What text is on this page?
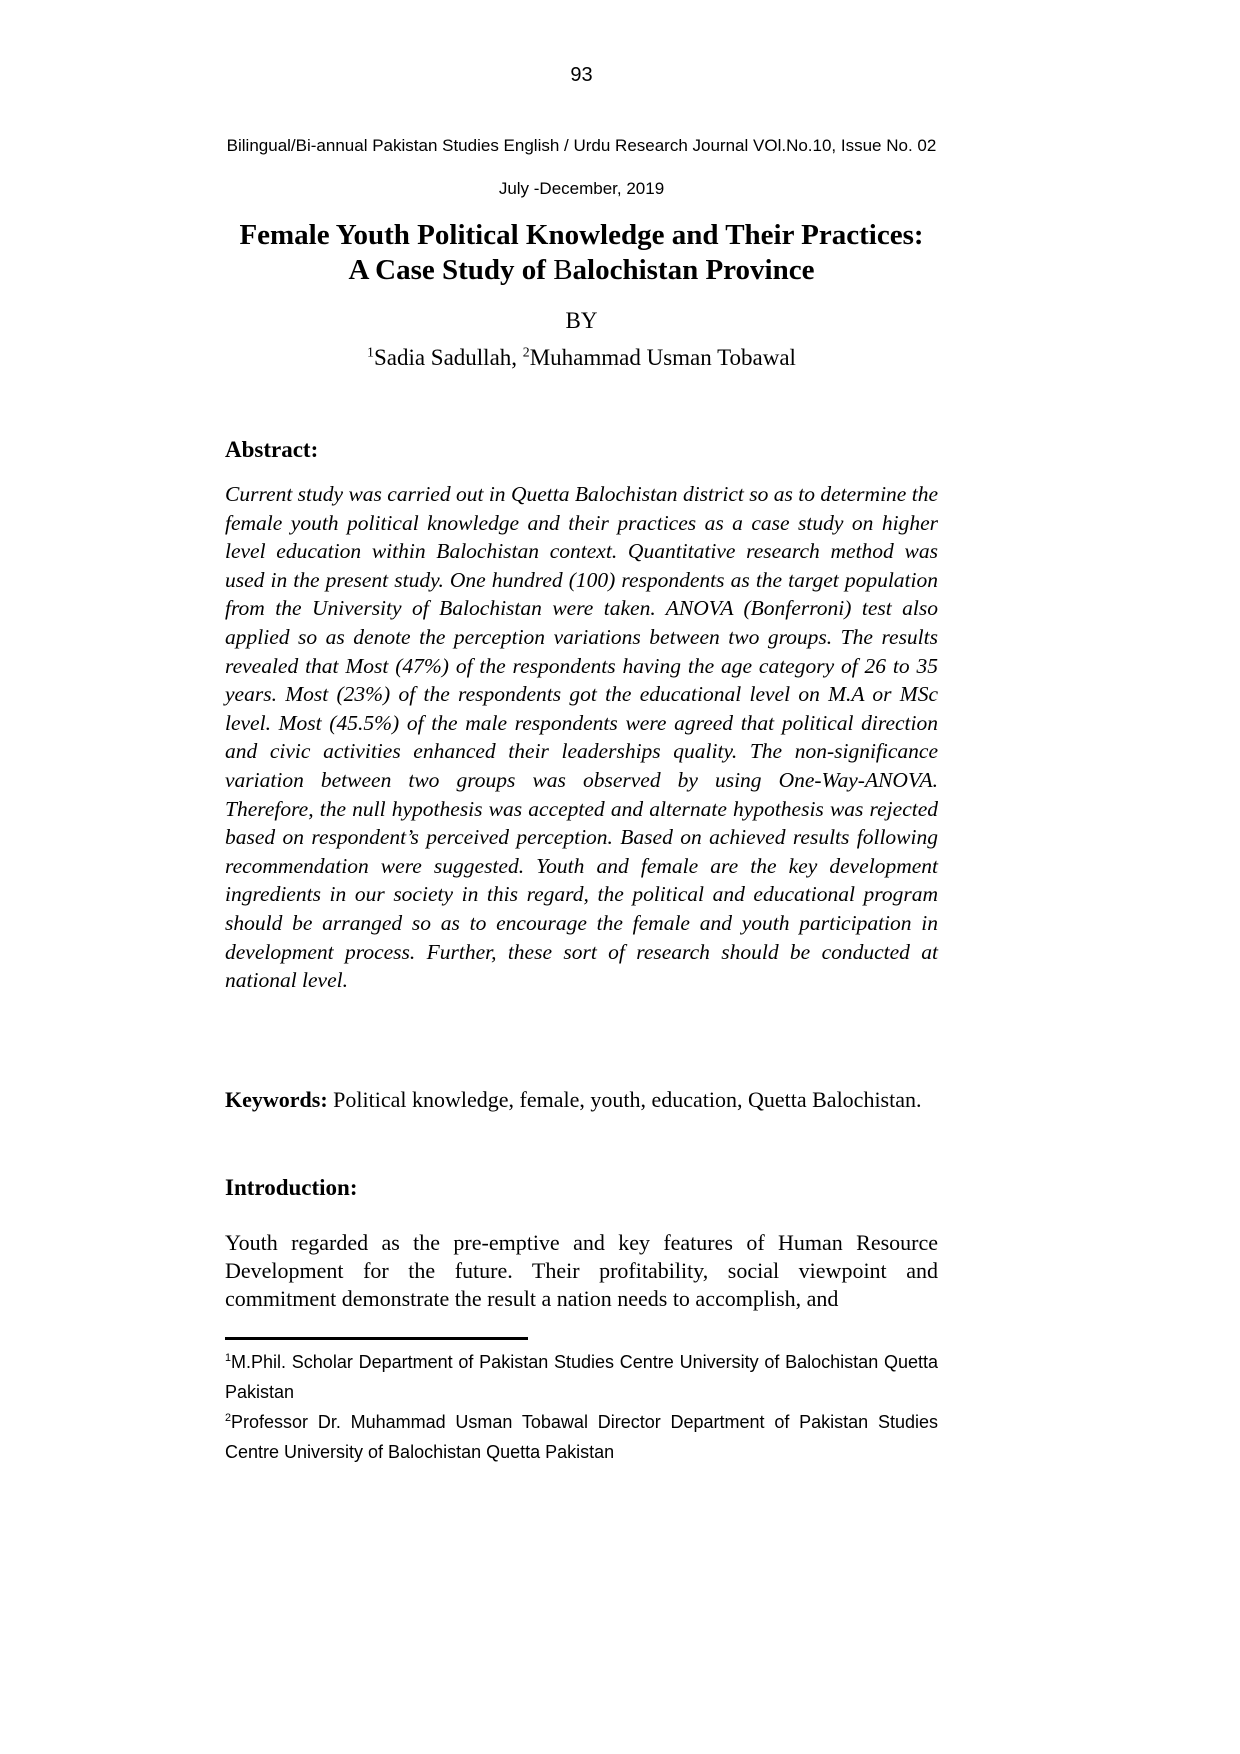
93
Bilingual/Bi-annual Pakistan Studies English / Urdu Research Journal VOl.No.10, Issue No. 02
July -December, 2019
Female Youth Political Knowledge and Their Practices:
A Case Study of Balochistan Province
BY
$^1$Sadia Sadullah, $^2$Muhammad Usman Tobawal
Abstract:
Current study was carried out in Quetta Balochistan district so as to determine the female youth political knowledge and their practices as a case study on higher level education within Balochistan context. Quantitative research method was used in the present study. One hundred (100) respondents as the target population from the University of Balochistan were taken. ANOVA (Bonferroni) test also applied so as denote the perception variations between two groups. The results revealed that Most (47%) of the respondents having the age category of 26 to 35 years. Most (23%) of the respondents got the educational level on M.A or MSc level. Most (45.5%) of the male respondents were agreed that political direction and civic activities enhanced their leaderships quality. The non-significance variation between two groups was observed by using One-Way-ANOVA. Therefore, the null hypothesis was accepted and alternate hypothesis was rejected based on respondent’s perceived perception. Based on achieved results following recommendation were suggested. Youth and female are the key development ingredients in our society in this regard, the political and educational program should be arranged so as to encourage the female and youth participation in development process. Further, these sort of research should be conducted at national level.
Keywords: Political knowledge, female, youth, education, Quetta Balochistan.
Introduction:
Youth regarded as the pre-emptive and key features of Human Resource Development for the future. Their profitability, social viewpoint and commitment demonstrate the result a nation needs to accomplish, and

$^1$M.Phil. Scholar Department of Pakistan Studies Centre University of Balochistan Quetta Pakistan

$^2$Professor Dr. Muhammad Usman Tobawal Director Department of Pakistan Studies Centre University of Balochistan Quetta Pakistan
